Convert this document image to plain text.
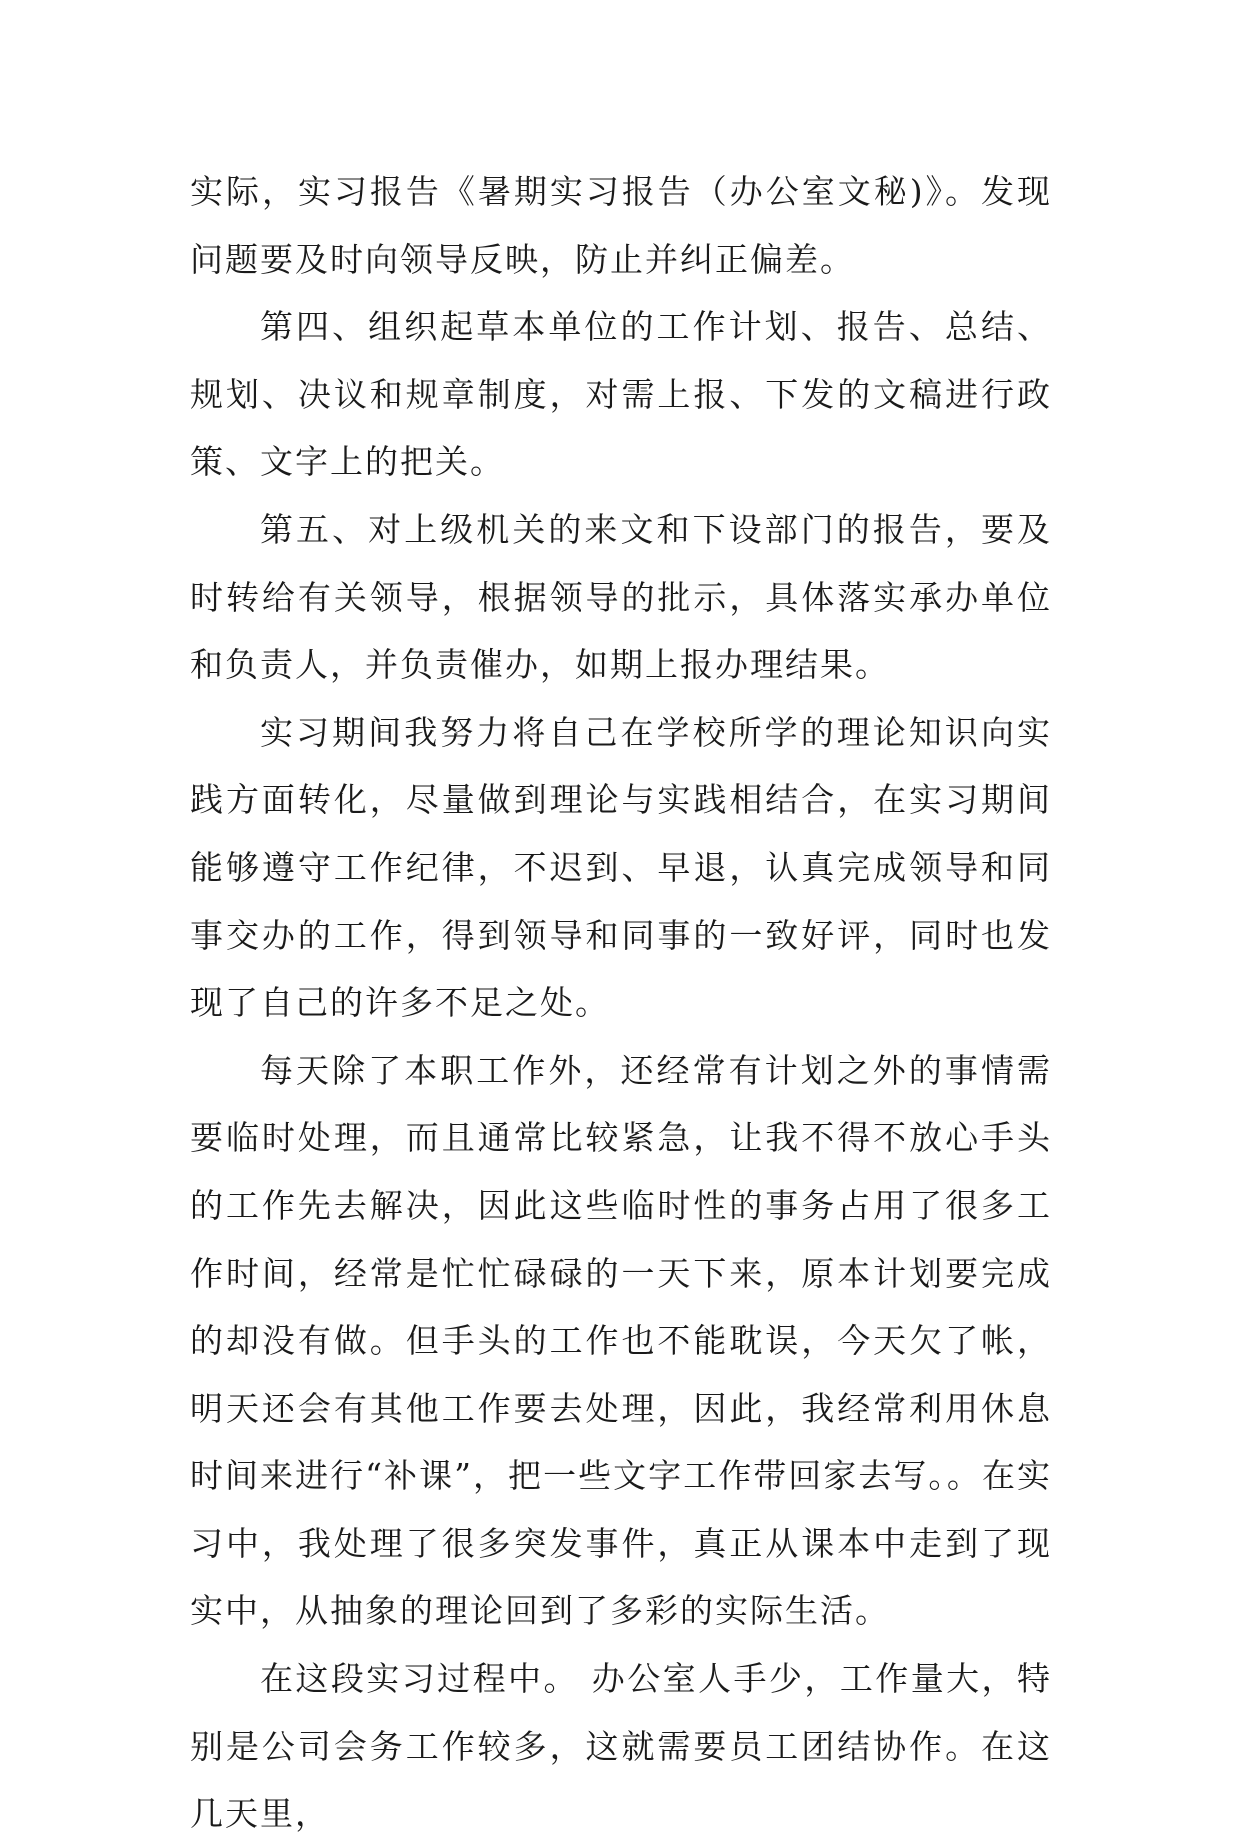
实际，实习报告《暑期实习报告（办公室文秘)》。发现问题要及时向领导反映，防止并纠正偏差。

第四、组织起草本单位的工作计划、报告、总结、规划、决议和规章制度，对需上报、下发的文稿进行政策、文字上的把关。

第五、对上级机关的来文和下设部门的报告，要及时转给有关领导，根据领导的批示，具体落实承办单位和负责人，并负责催办，如期上报办理结果。

实习期间我努力将自己在学校所学的理论知识向实践方面转化，尽量做到理论与实践相结合，在实习期间能够遵守工作纪律，不迟到、早退，认真完成领导和同事交办的工作，得到领导和同事的一致好评，同时也发现了自己的许多不足之处。

每天除了本职工作外，还经常有计划之外的事情需要临时处理，而且通常比较紧急，让我不得不放心手头的工作先去解决，因此这些临时性的事务占用了很多工作时间，经常是忙忙碌碌的一天下来，原本计划要完成的却没有做。但手头的工作也不能耽误，今天欠了帐，明天还会有其他工作要去处理，因此，我经常利用休息时间来进行“补课”，把一些文字工作带回家去写。。在实习中，我处理了很多突发事件，真正从课本中走到了现实中，从抽象的理论回到了多彩的实际生活。

在这段实习过程中。 办公室人手少，工作量大，特别是公司会务工作较多，这就需要员工团结协作。在这几天里，
